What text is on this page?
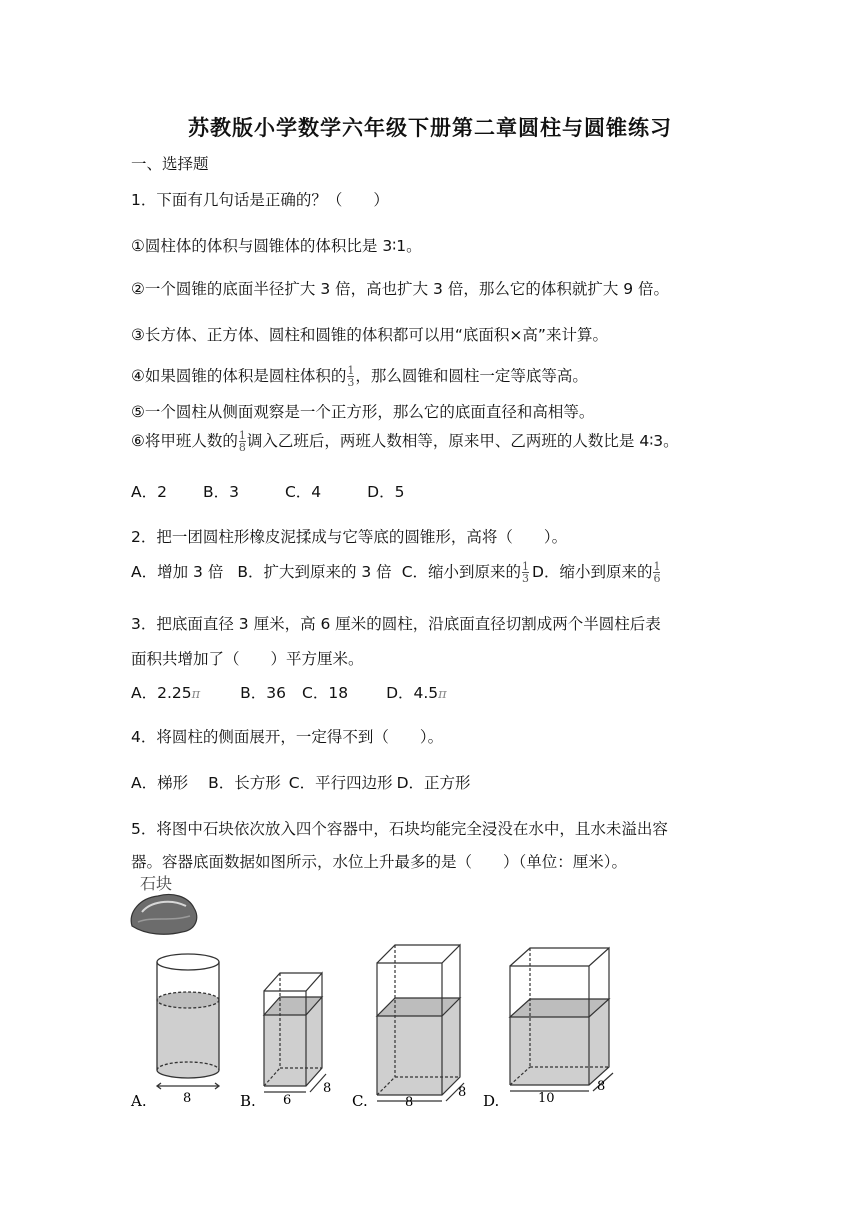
苏教版小学数学六年级下册第二章圆柱与圆锥练习
一、选择题
1．下面有几句话是正确的？（　　）
①圆柱体的体积与圆锥体的体积比是 3∶1。
②一个圆锥的底面半径扩大 3 倍，高也扩大 3 倍，那么它的体积就扩大 9 倍。
③长方体、正方体、圆柱和圆锥的体积都可以用“底面积×高”来计算。
④如果圆锥的体积是圆柱体积的 $\frac{1}{3}$ ，那么圆锥和圆柱一定等底等高。
⑤一个圆柱从侧面观察是一个正方形，那么它的底面直径和高相等。
⑥将甲班人数的 $\frac{1}{8}$ 调入乙班后，两班人数相等，原来甲、乙两班的人数比是 4∶3。
A．2 B．3	C．4	D．5
2．把一团圆柱形橡皮泥揉成与它等底的圆锥形，高将（　　）。
A．增加 3 倍 B．扩大到原来的 3 倍 C．缩小到原来的 $\frac{1}{3}$ D．缩小到原来的 $\frac{1}{6}$
3．把底面直径 3 厘米，高 6 厘米的圆柱，沿底面直径切割成两个半圆柱后表
面积共增加了（　　）平方厘米。
A．2.25π	B．36 C．18 D．4.5π
4．将圆柱的侧面展开，一定得不到（　　）。
A．梯形 B．长方形 C．平行四边形 D．正方形
5．将图中石块依次放入四个容器中，石块均能完全浸没在水中，且水未溢出容
器。容器底面数据如图所示，水位上升最多的是（　　）（单位：厘米）。
石块
8
A.	6
8
B.	8
8
C.	10
8
D.
